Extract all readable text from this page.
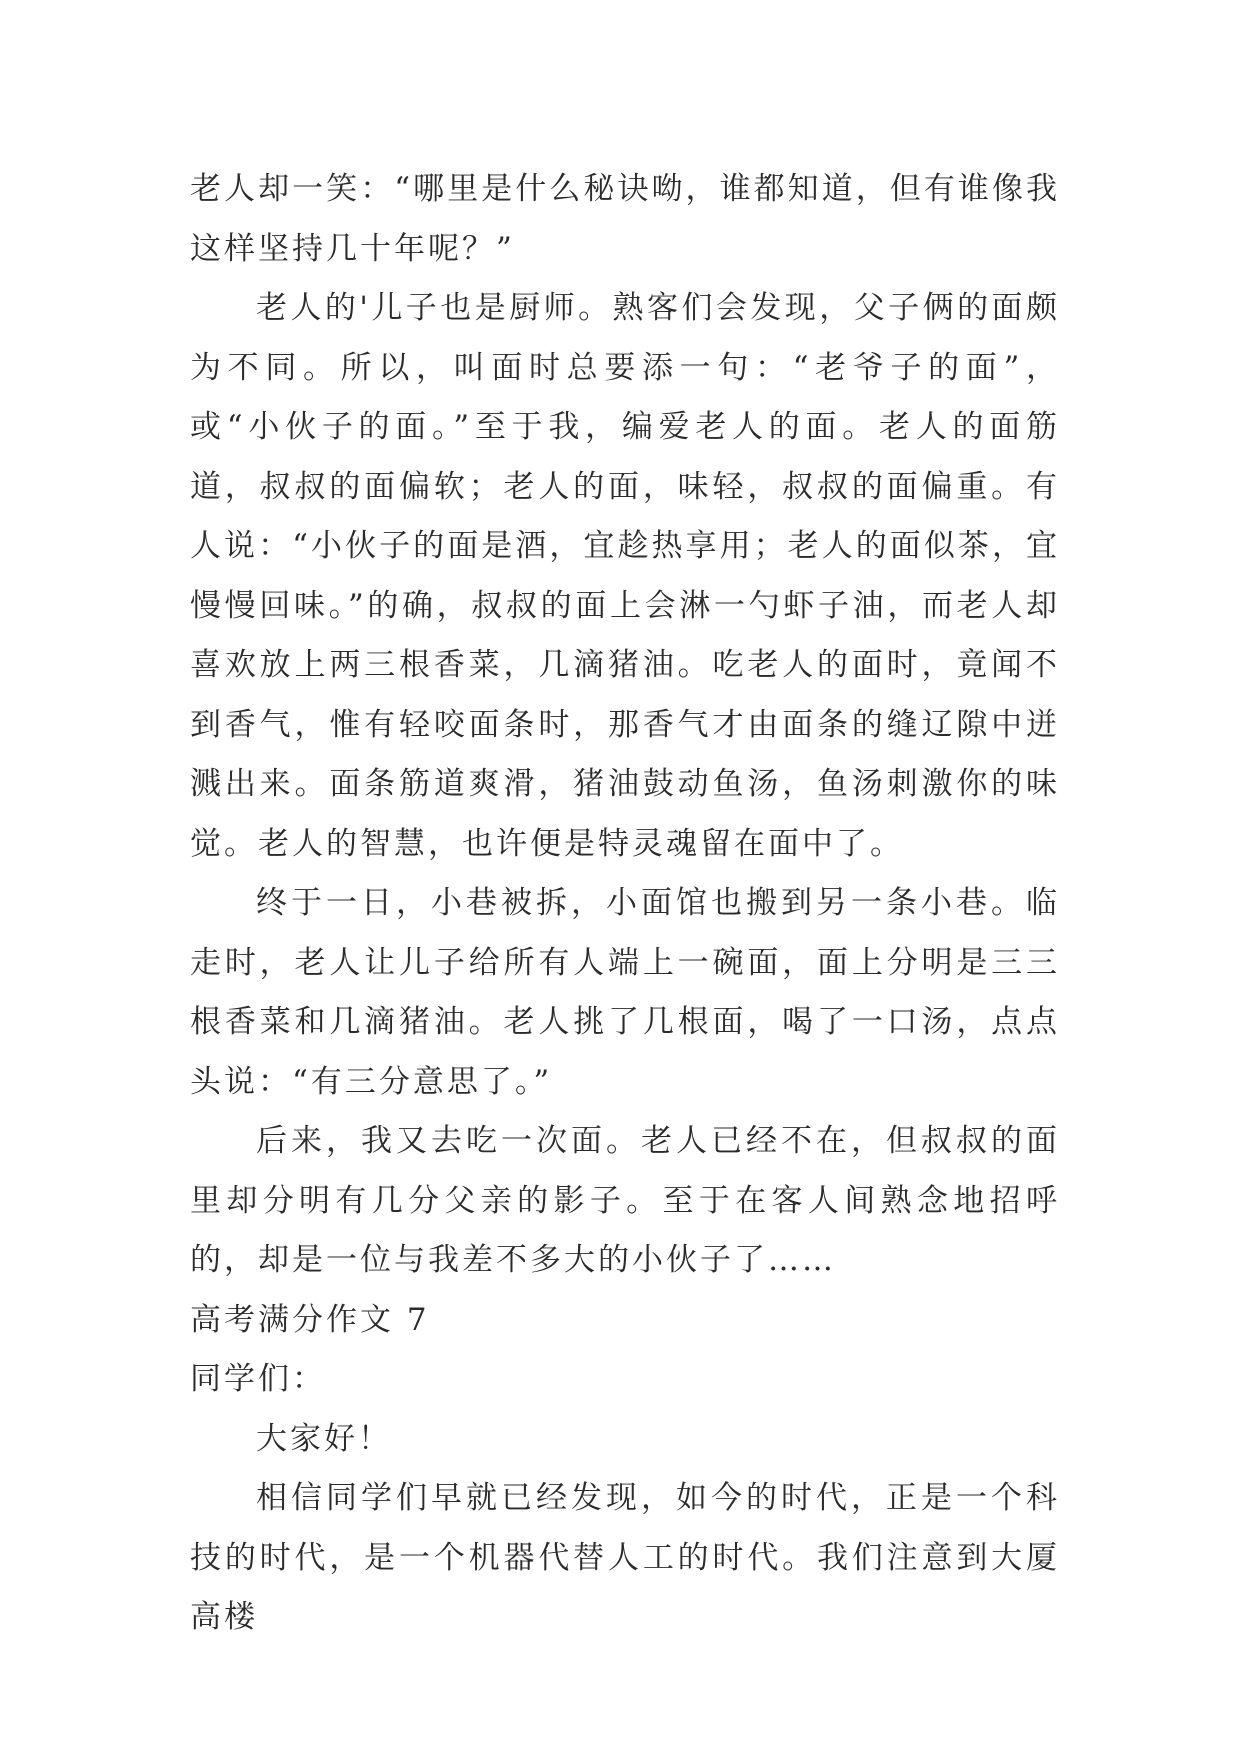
老人却一笑：“哪里是什么秘诀呦，谁都知道，但有谁像我这样坚持几十年呢？”

老人的'儿子也是厨师。熟客们会发现，父子俩的面颇为不同。所以，叫面时总要添一句：“老爷子的面”，或“小伙子的面。”至于我，编爱老人的面。老人的面筋道，叔叔的面偏软；老人的面，味轻，叔叔的面偏重。有人说：“小伙子的面是酒，宜趁热享用；老人的面似茶，宜慢慢回味。”的确，叔叔的面上会淋一勺虾子油，而老人却喜欢放上两三根香菜，几滴猪油。吃老人的面时，竟闻不到香气，惟有轻咬面条时，那香气才由面条的缝辽隙中迸溅出来。面条筋道爽滑，猪油鼓动鱼汤，鱼汤刺激你的味觉。老人的智慧，也许便是特灵魂留在面中了。

终于一日，小巷被拆，小面馆也搬到另一条小巷。临走时，老人让儿子给所有人端上一碗面，面上分明是三三根香菜和几滴猪油。老人挑了几根面，喝了一口汤，点点头说：“有三分意思了。”

后来，我又去吃一次面。老人已经不在，但叔叔的面里却分明有几分父亲的影子。至于在客人间熟念地招呼的，却是一位与我差不多大的小伙子了……

高考满分作文 7

同学们：

大家好！

相信同学们早就已经发现，如今的时代，正是一个科技的时代，是一个机器代替人工的时代。我们注意到大厦高楼
